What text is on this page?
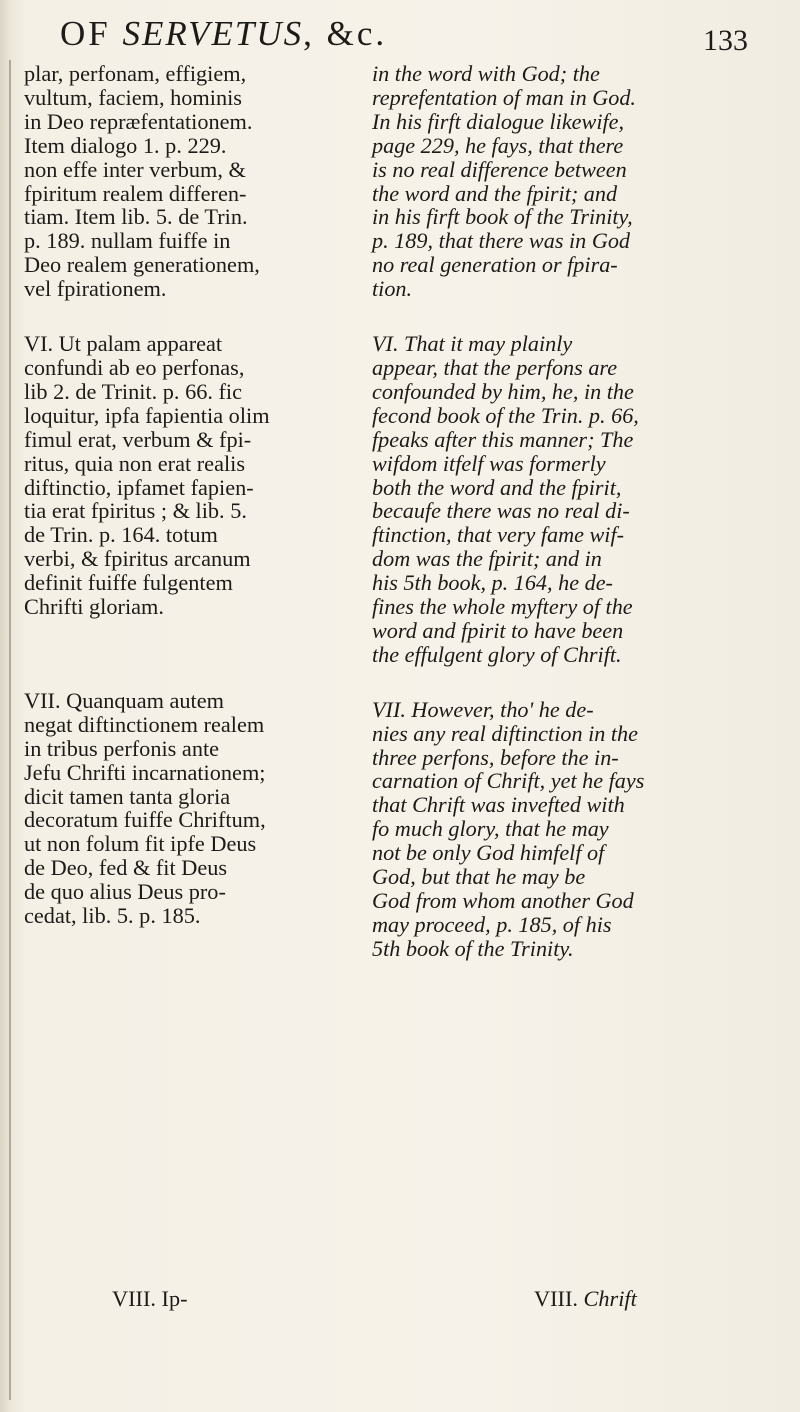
OF SERVETUS, &c.	133
plar, perfonam, effigiem,
vultum, faciem, hominis
in Deo repræfentationem.
Item dialogo 1. p. 229.
non effe inter verbum, &
fpiritum realem differen-
tiam. Item lib. 5. de Trin.
p. 189. nullam fuiffe in
Deo realem generationem,
vel fpirationem.
VI. Ut palam appareat
confundi ab eo perfonas,
lib 2. de Trinit. p. 66. fic
loquitur, ipfa fapientia olim
fimul erat, verbum & fpi-
ritus, quia non erat realis
diftinctio, ipfamet fapien-
tia erat fpiritus ; & lib. 5.
de Trin. p. 164. totum
verbi, & fpiritus arcanum
definit fuiffe fulgentem
Chrifti gloriam.
VII. Quanquam autem
negat diftinctionem realem
in tribus perfonis ante
Jefu Chrifti incarnationem;
dicit tamen tanta gloria
decoratum fuiffe Chriftum,
ut non folum fit ipfe Deus
de Deo, fed & fit Deus
de quo alius Deus pro-
cedat, lib. 5. p. 185.
in the word with God; the
reprefentation of man in God.
In his firft dialogue likewife,
page 229, he fays, that there
is no real difference between
the word and the fpirit; and
in his firft book of the Trinity,
p. 189, that there was in God
no real generation or fpira-
tion.
VI. That it may plainly
appear, that the perfons are
confounded by him, he, in the
fecond book of the Trin. p. 66,
fpeaks after this manner; The
wifdom itfelf was formerly
both the word and the fpirit,
becaufe there was no real di-
ftinction, that very fame wif-
dom was the fpirit; and in
his 5th book, p. 164, he de-
fines the whole myftery of the
word and fpirit to have been
the effulgent glory of Chrift.
VII. However, tho' he de-
nies any real diftinction in the
three perfons, before the in-
carnation of Chrift, yet he fays
that Chrift was invefted with
fo much glory, that he may
not be only God himfelf of
God, but that he may be
God from whom another God
may proceed, p. 185, of his
5th book of the Trinity.
VIII. Ip-	VIII. Chrift
